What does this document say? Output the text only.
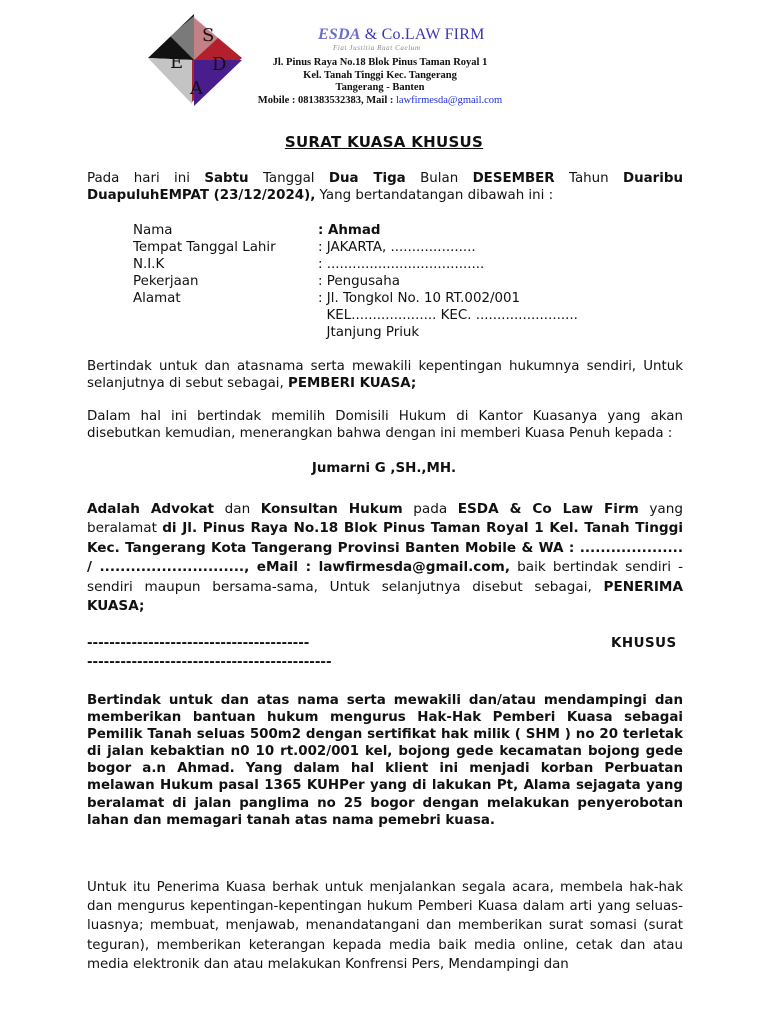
S
E D
A
ESDA & Co.LAW FIRM
Fiat Justitia Ruat Caelum
Jl. Pinus Raya No.18 Blok Pinus Taman Royal 1
Kel. Tanah Tinggi Kec. Tangerang
Tangerang - Banten
Mobile : 081383532383, Mail : lawfirmesda@gmail.com
SURAT KUASA KHUSUS
Pada hari ini Sabtu Tanggal Dua Tiga Bulan DESEMBER Tahun Duaribu DuapuluhEMPAT (23/12/2024), Yang bertandatangan dibawah ini :
Nama	: Ahmad
Tempat Tanggal Lahir	: JAKARTA, ....................
N.I.K	: .....................................
Pekerjaan	: Pengusaha
Alamat	: Jl. Tongkol No. 10 RT.002/001
KEL.................... KEC. ........................
Jtanjung Priuk
Bertindak untuk dan atasnama serta mewakili kepentingan hukumnya sendiri, Untuk selanjutnya di sebut sebagai, PEMBERI KUASA;
Dalam hal ini bertindak memilih Domisili Hukum di Kantor Kuasanya yang akan disebutkan kemudian, menerangkan bahwa dengan ini memberi Kuasa Penuh kepada :
Jumarni G ,SH.,MH.
Adalah Advokat dan Konsultan Hukum pada ESDA & Co Law Firm yang beralamat di Jl. Pinus Raya No.18 Blok Pinus Taman Royal 1 Kel. Tanah Tinggi Kec. Tangerang Kota Tangerang Provinsi Banten Mobile & WA : .................... / ............................, eMail : lawfirmesda@gmail.com, baik bertindak sendiri - sendiri maupun bersama-sama, Untuk selanjutnya disebut sebagai, PENERIMA KUASA;
----------------------------------------	KHUSUS
--------------------------------------------
Bertindak untuk dan atas nama serta mewakili dan/atau mendampingi dan memberikan bantuan hukum mengurus Hak-Hak Pemberi Kuasa sebagai Pemilik Tanah seluas 500m2 dengan sertifikat hak milik ( SHM ) no 20 terletak di jalan kebaktian n0 10 rt.002/001 kel, bojong gede kecamatan bojong gede bogor a.n Ahmad. Yang dalam hal klient ini menjadi korban Perbuatan melawan Hukum pasal 1365 KUHPer yang di lakukan Pt, Alama sejagata yang beralamat di jalan panglima no 25 bogor dengan melakukan penyerobotan lahan dan memagari tanah atas nama pemebri kuasa.
Untuk itu Penerima Kuasa berhak untuk menjalankan segala acara, membela hak-hak dan mengurus kepentingan-kepentingan hukum Pemberi Kuasa dalam arti yang seluas-luasnya; membuat, menjawab, menandatangani dan memberikan surat somasi (surat teguran), memberikan keterangan kepada media baik media online, cetak dan atau media elektronik dan atau melakukan Konfrensi Pers, Mendampingi dan
